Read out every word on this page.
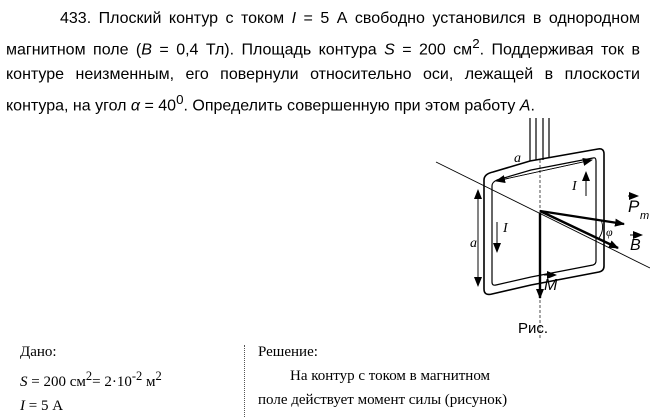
433. Плоский контур с током I = 5 А свободно установился в однородном магнитном поле (B = 0,4 Тл). Площадь контура S = 200 $см^2$. Поддерживая ток в контуре неизменным, его повернули относительно оси, лежащей в плоскости контура, на угол $\alpha = 40^0$. Определить совершенную при этом работу A.
a
a
I
I
P m
φ
B
M
Рис.
Дано:
S = 200 $см^2= 2\cdot 10^{-2}$ $м^2$
I = 5 А
Решение:
На контур с током в магнитном
поле действует момент силы (рисунок)
